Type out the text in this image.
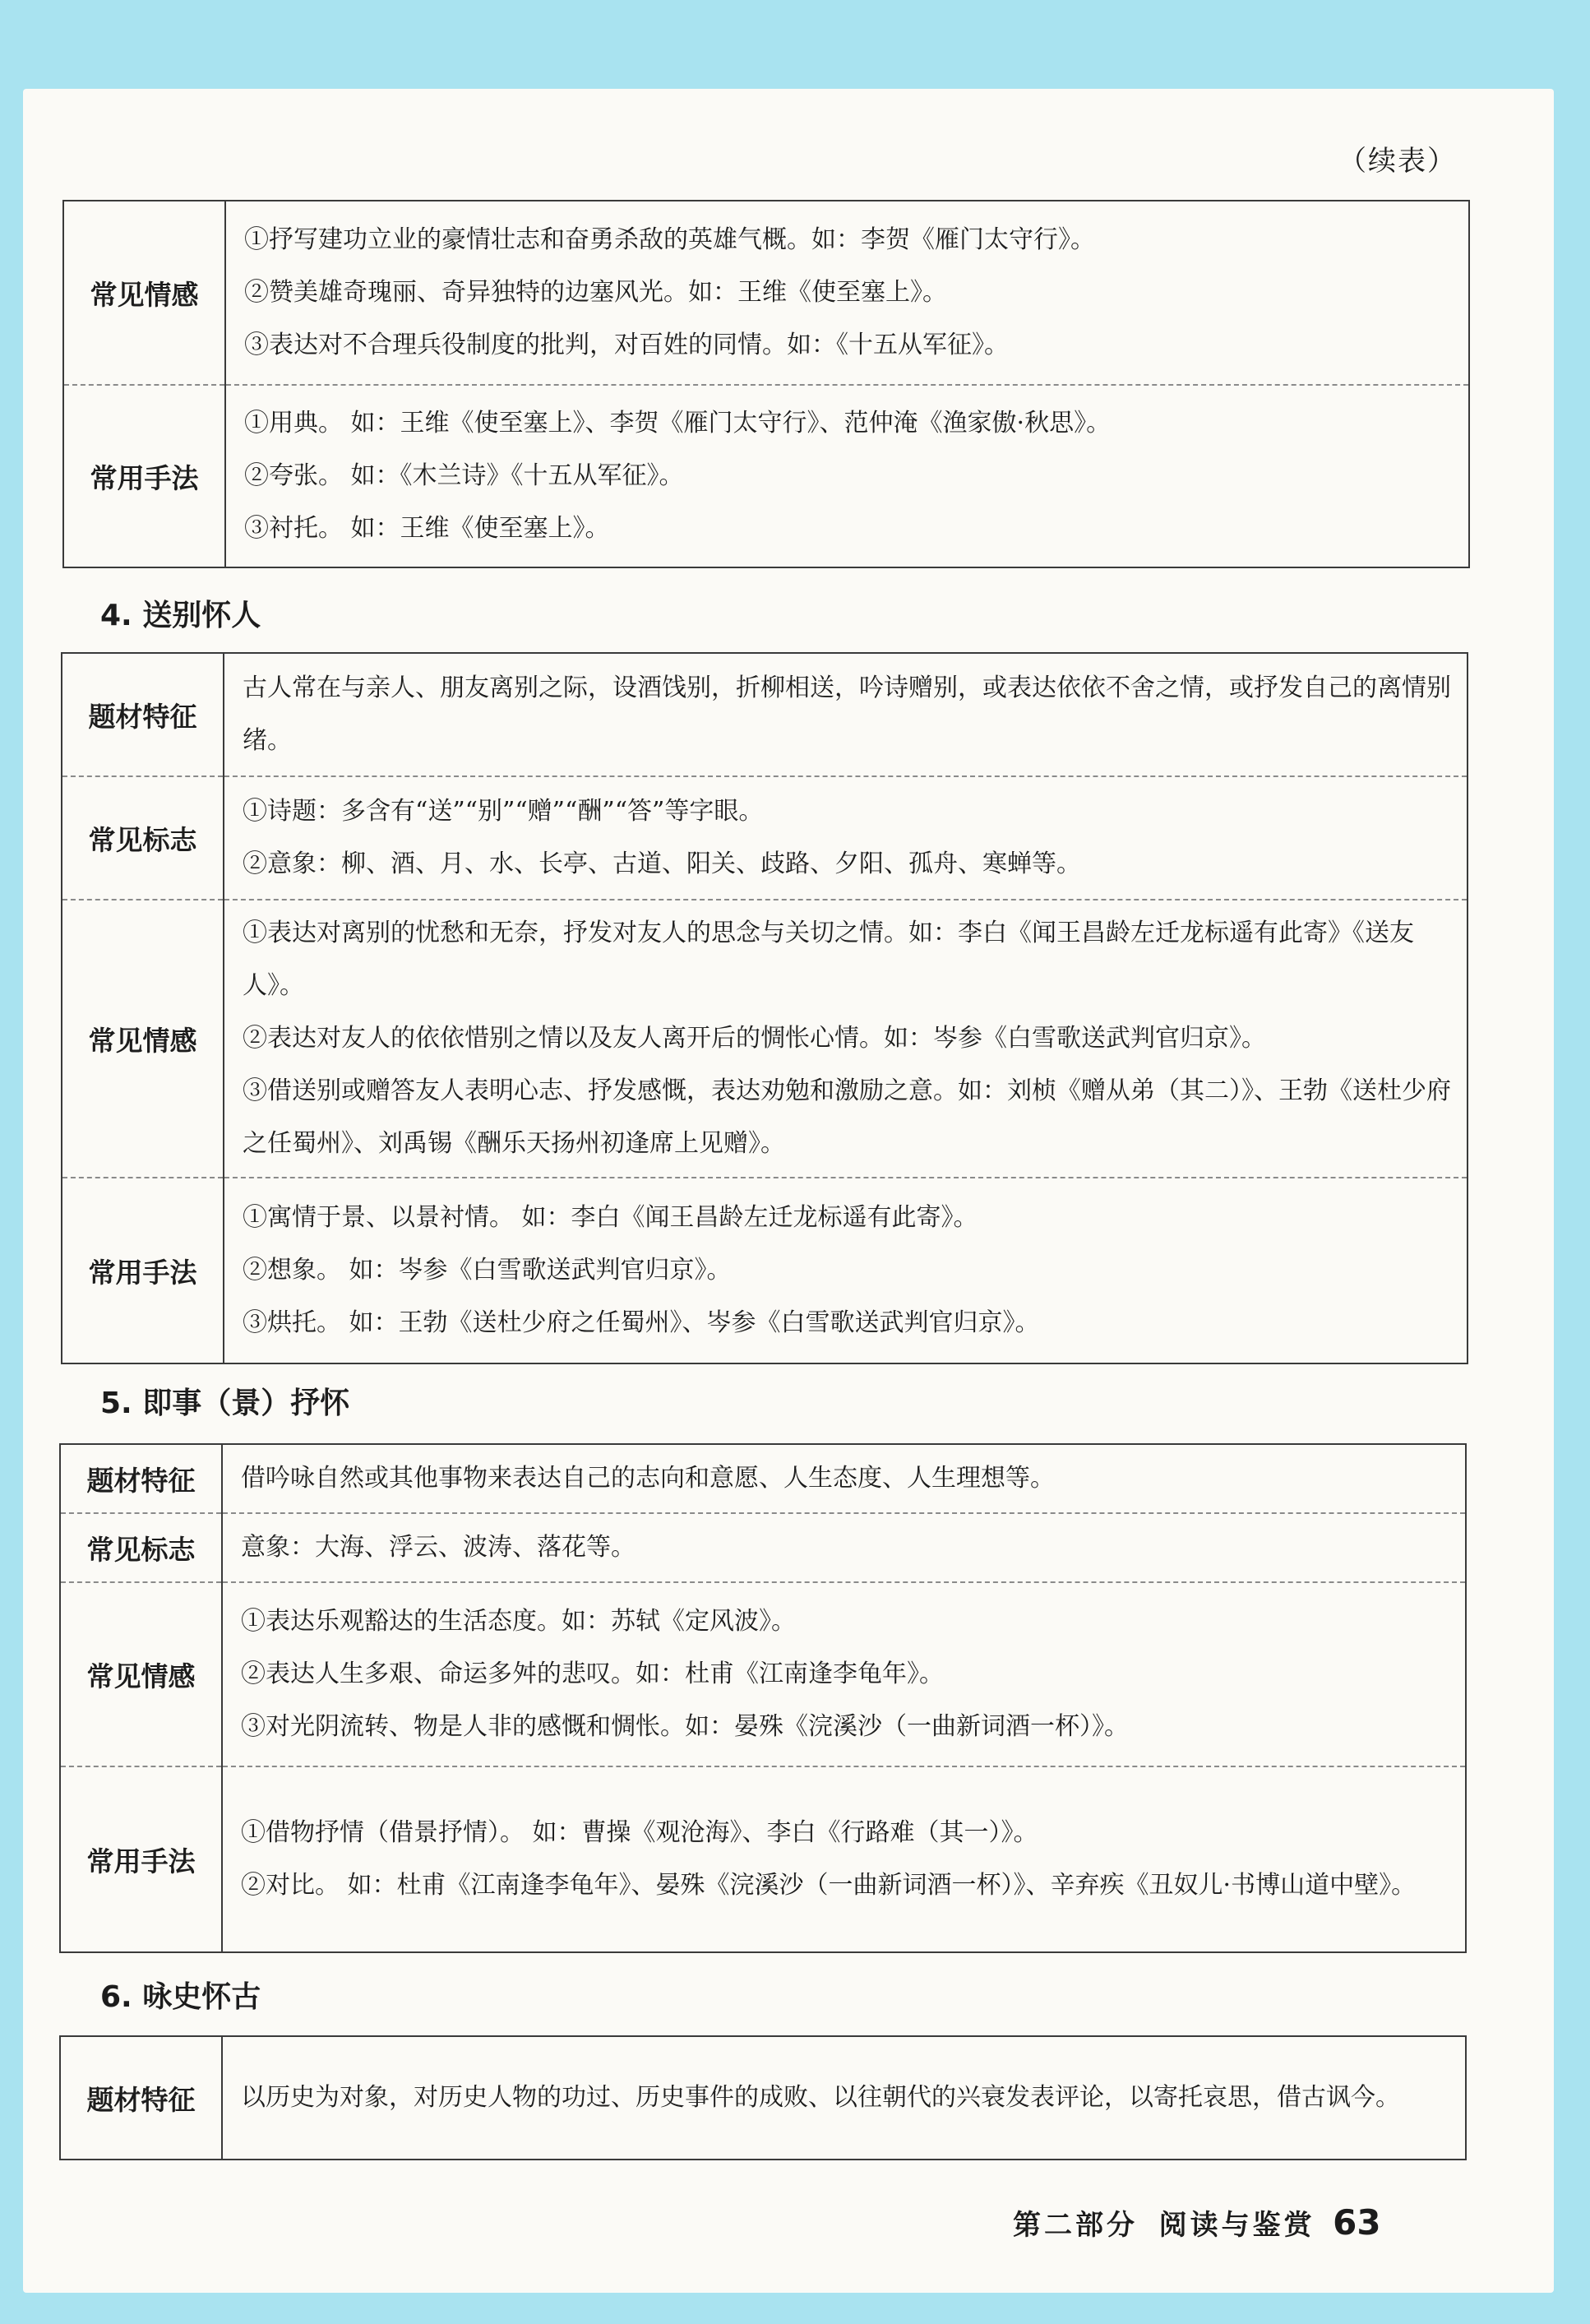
（续表）
常见情感	①抒写建功立业的豪情壮志和奋勇杀敌的英雄气概。如：李贺《雁门太守行》。
②赞美雄奇瑰丽、奇异独特的边塞风光。如：王维《使至塞上》。
③表达对不合理兵役制度的批判，对百姓的同情。如：《十五从军征》。

常用手法	①用典。 如：王维《使至塞上》、李贺《雁门太守行》、范仲淹《渔家傲·秋思》。
②夸张。 如：《木兰诗》《十五从军征》。
③衬托。 如：王维《使至塞上》。
4. 送别怀人
题材特征	古人常在与亲人、朋友离别之际，设酒饯别，折柳相送，吟诗赠别，或表达依依不舍之情，或抒发自己的离情别绪。

常见标志	①诗题：多含有“送”“别”“赠”“酬”“答”等字眼。
②意象：柳、酒、月、水、长亭、古道、阳关、歧路、夕阳、孤舟、寒蝉等。

常见情感	①表达对离别的忧愁和无奈，抒发对友人的思念与关切之情。如：李白《闻王昌龄左迁龙标遥有此寄》《送友人》。
②表达对友人的依依惜别之情以及友人离开后的惆怅心情。如：岑参《白雪歌送武判官归京》。
③借送别或赠答友人表明心志、抒发感慨，表达劝勉和激励之意。如：刘桢《赠从弟（其二）》、王勃《送杜少府之任蜀州》、刘禹锡《酬乐天扬州初逢席上见赠》。

常用手法	①寓情于景、以景衬情。 如：李白《闻王昌龄左迁龙标遥有此寄》。
②想象。 如：岑参《白雪歌送武判官归京》。
③烘托。 如：王勃《送杜少府之任蜀州》、岑参《白雪歌送武判官归京》。
5. 即事（景）抒怀
题材特征	借吟咏自然或其他事物来表达自己的志向和意愿、人生态度、人生理想等。

常见标志	意象：大海、浮云、波涛、落花等。

常见情感	①表达乐观豁达的生活态度。如：苏轼《定风波》。
②表达人生多艰、命运多舛的悲叹。如：杜甫《江南逢李龟年》。
③对光阴流转、物是人非的感慨和惆怅。如：晏殊《浣溪沙（一曲新词酒一杯）》。

常用手法	①借物抒情（借景抒情）。 如：曹操《观沧海》、李白《行路难（其一）》。
②对比。 如：杜甫《江南逢李龟年》、晏殊《浣溪沙（一曲新词酒一杯）》、辛弃疾《丑奴儿·书博山道中壁》。
6. 咏史怀古
题材特征	以历史为对象，对历史人物的功过、历史事件的成败、以往朝代的兴衰发表评论，以寄托哀思，借古讽今。
第二部分 阅读与鉴赏 63
